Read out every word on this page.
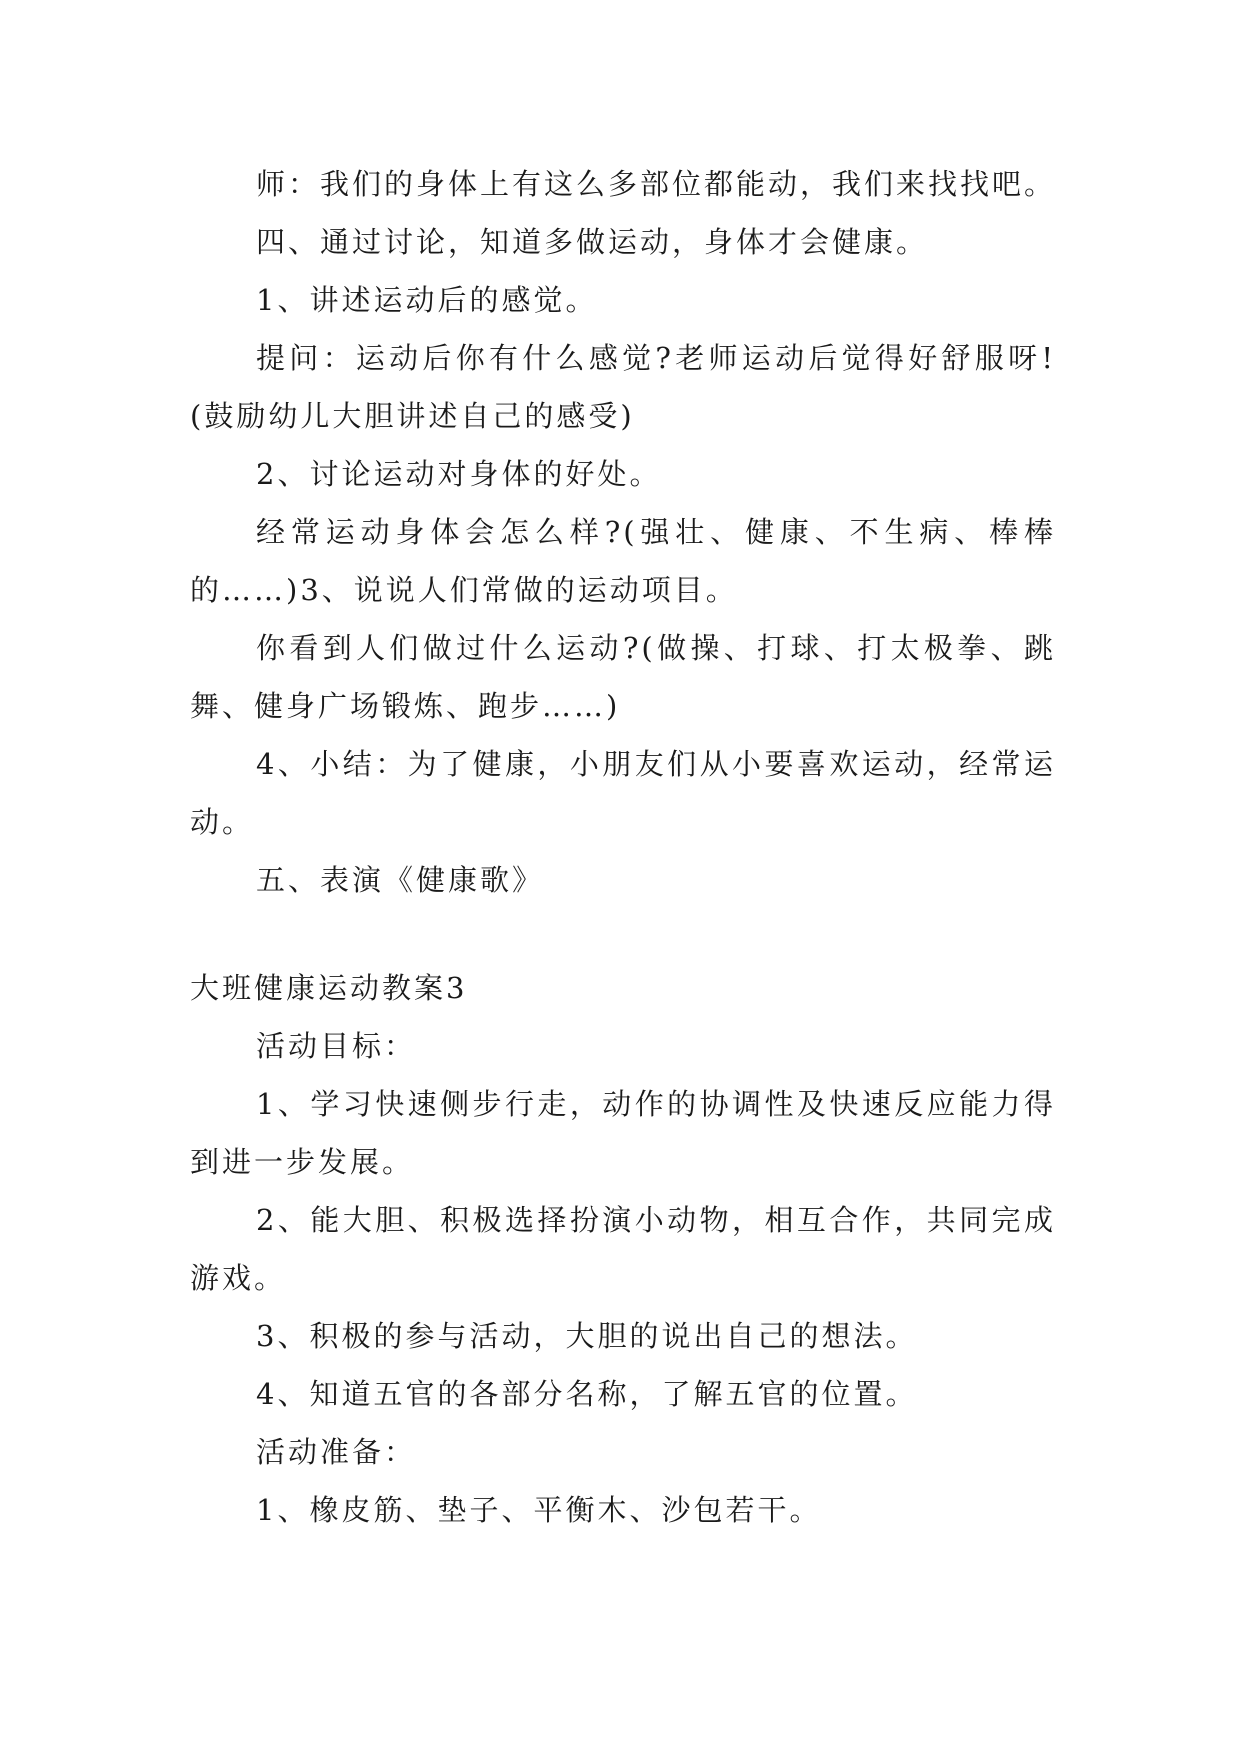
师：我们的身体上有这么多部位都能动，我们来找找吧。

四、通过讨论，知道多做运动，身体才会健康。

1、讲述运动后的感觉。

提问：运动后你有什么感觉?老师运动后觉得好舒服呀!(鼓励幼儿大胆讲述自己的感受)

2、讨论运动对身体的好处。

经常运动身体会怎么样?(强壮、健康、不生病、棒棒的……)3、说说人们常做的运动项目。

你看到人们做过什么运动?(做操、打球、打太极拳、跳舞、健身广场锻炼、跑步……)

4、小结：为了健康，小朋友们从小要喜欢运动，经常运动。

五、表演《健康歌》

大班健康运动教案3

活动目标：

1、学习快速侧步行走，动作的协调性及快速反应能力得到进一步发展。

2、能大胆、积极选择扮演小动物，相互合作，共同完成游戏。

3、积极的参与活动，大胆的说出自己的想法。

4、知道五官的各部分名称，了解五官的位置。

活动准备：

1、橡皮筋、垫子、平衡木、沙包若干。
